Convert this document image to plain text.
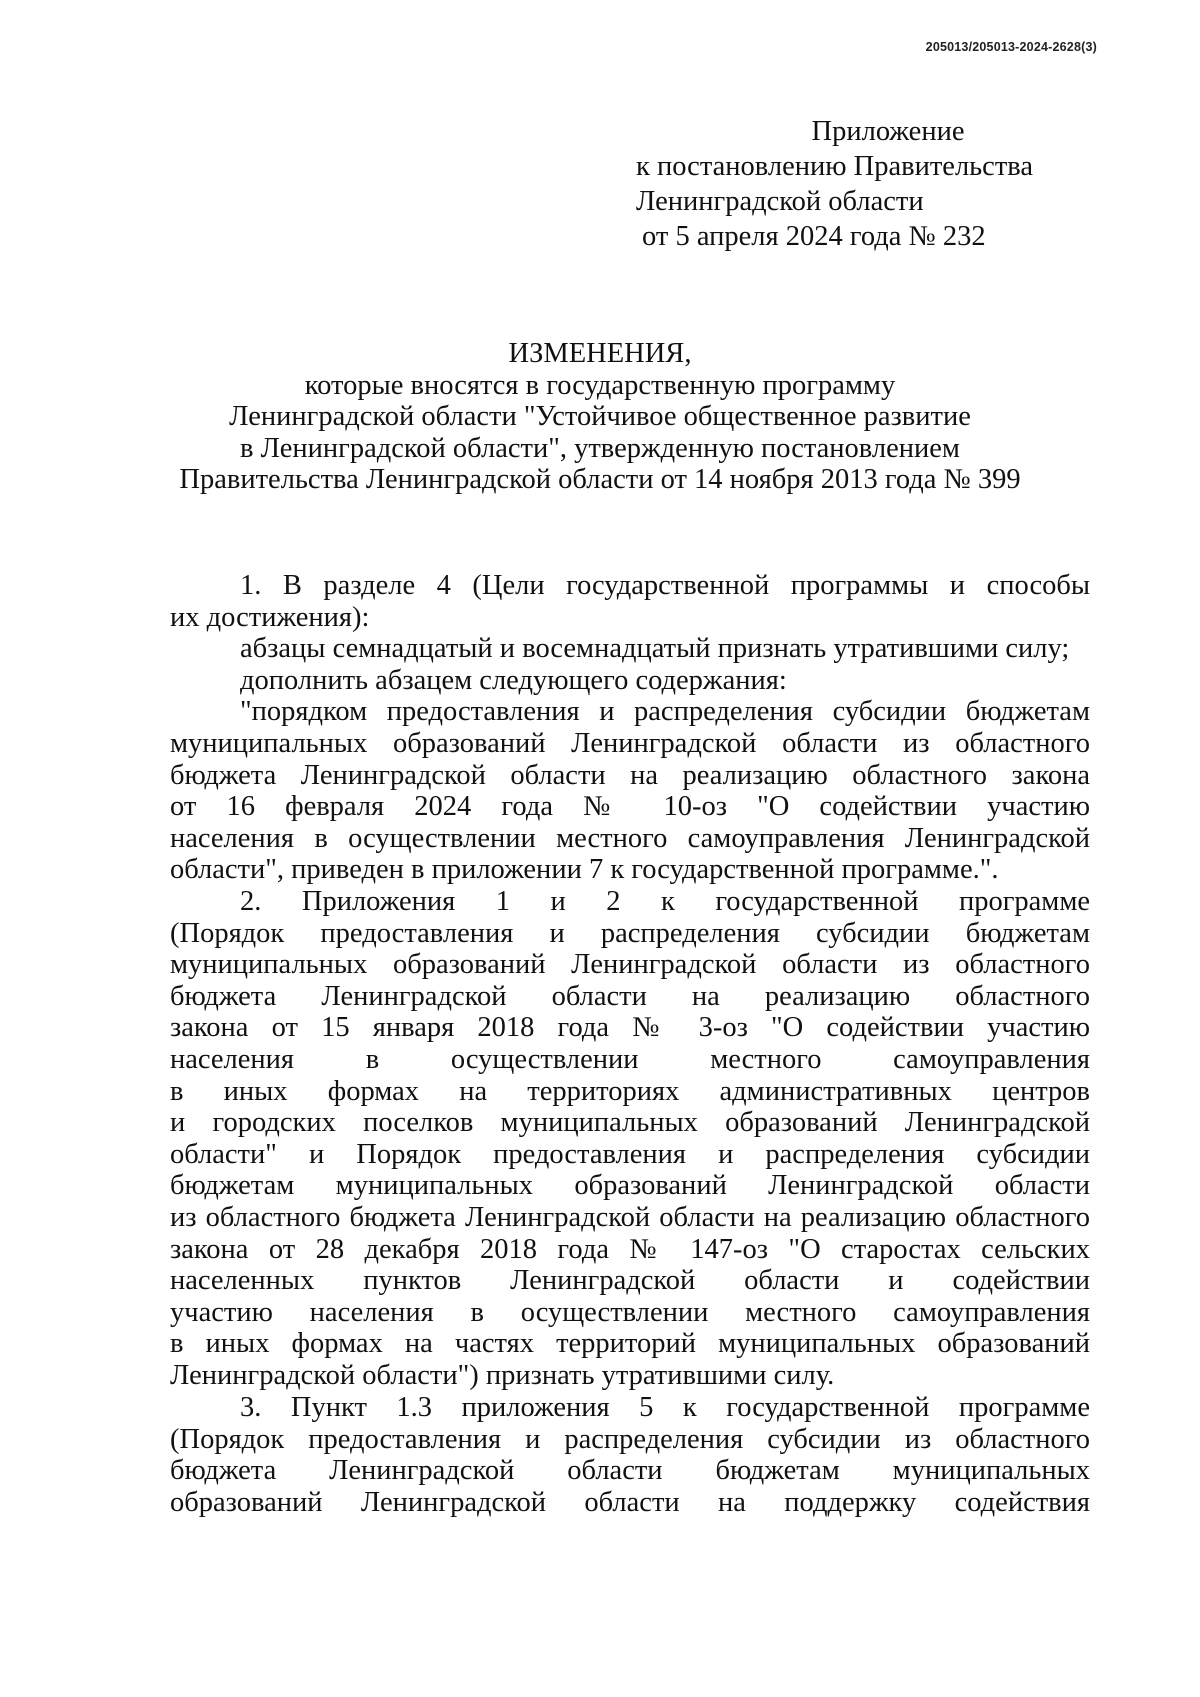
205013/205013-2024-2628(3)
Приложение
к постановлению Правительства
Ленинградской области
от 5 апреля 2024 года № 232
ИЗМЕНЕНИЯ,
которые вносятся в государственную программу
Ленинградской области "Устойчивое общественное развитие
в Ленинградской области", утвержденную постановлением
Правительства Ленинградской области от 14 ноября 2013 года № 399
1. В разделе 4 (Цели государственной программы и способы
их достижения):
абзацы семнадцатый и восемнадцатый признать утратившими силу;
дополнить абзацем следующего содержания:
"порядком предоставления и распределения субсидии бюджетам
муниципальных образований Ленинградской области из областного
бюджета Ленинградской области на реализацию областного закона
от 16 февраля 2024 года № 10-оз "О содействии участию
населения в осуществлении местного самоуправления Ленинградской
области", приведен в приложении 7 к государственной программе.".
2. Приложения 1 и 2 к государственной программе
(Порядок предоставления и распределения субсидии бюджетам
муниципальных образований Ленинградской области из областного
бюджета Ленинградской области на реализацию областного
закона от 15 января 2018 года № 3-оз "О содействии участию
населения в осуществлении местного самоуправления
в иных формах на территориях административных центров
и городских поселков муниципальных образований Ленинградской
области" и Порядок предоставления и распределения субсидии
бюджетам муниципальных образований Ленинградской области
из областного бюджета Ленинградской области на реализацию областного
закона от 28 декабря 2018 года № 147-оз "О старостах сельских
населенных пунктов Ленинградской области и содействии
участию населения в осуществлении местного самоуправления
в иных формах на частях территорий муниципальных образований
Ленинградской области") признать утратившими силу.
3. Пункт 1.3 приложения 5 к государственной программе
(Порядок предоставления и распределения субсидии из областного
бюджета Ленинградской области бюджетам муниципальных
образований Ленинградской области на поддержку содействия
